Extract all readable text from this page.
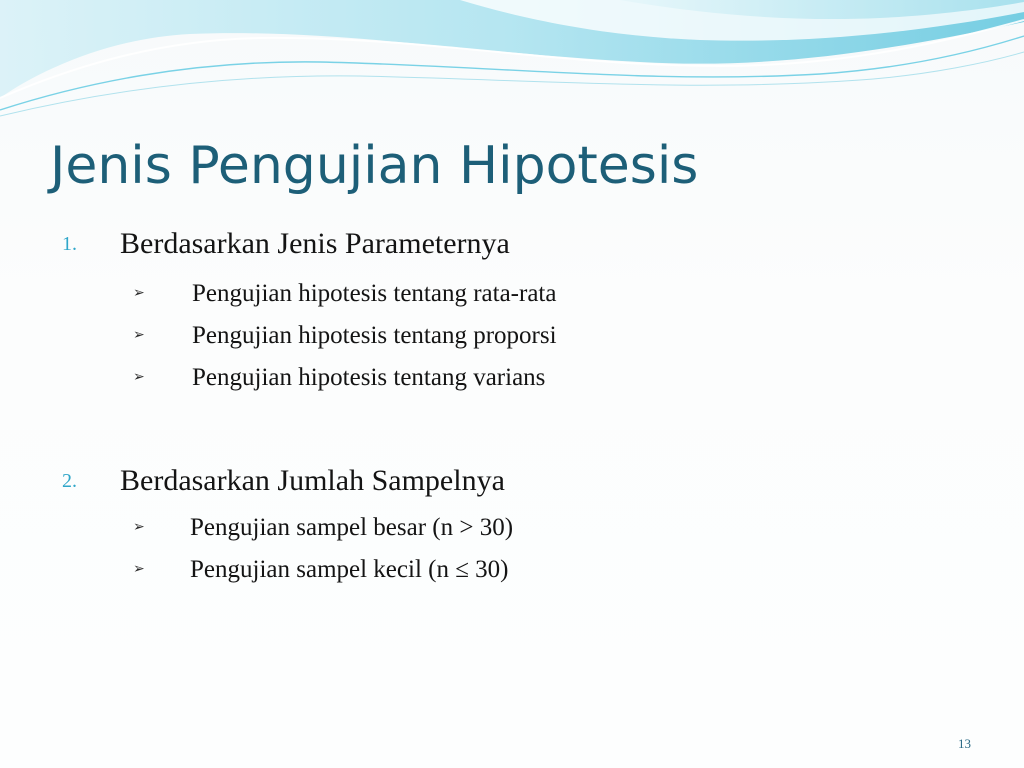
Jenis Pengujian Hipotesis
1. Berdasarkan Jenis Parameternya
➢ Pengujian hipotesis tentang rata-rata
➢ Pengujian hipotesis tentang proporsi
➢ Pengujian hipotesis tentang varians
2. Berdasarkan Jumlah Sampelnya
➢ Pengujian sampel besar (n > 30)
➢ Pengujian sampel kecil (n ≤ 30)
13
